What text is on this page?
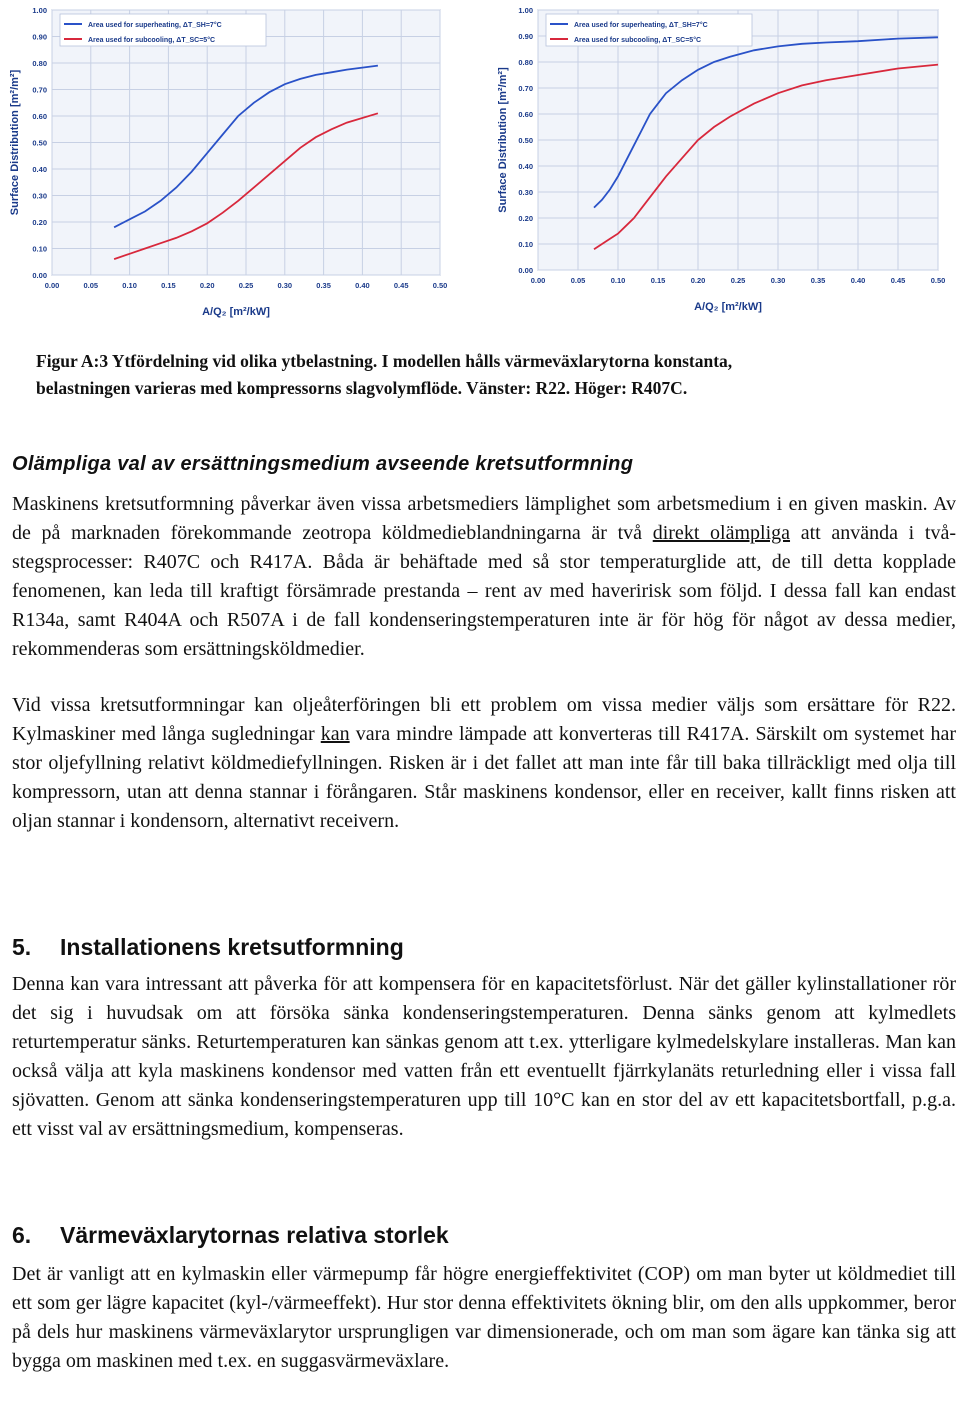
0.00
0.10
0.20
0.30
0.40
0.50
0.60
0.70
0.80
0.90
1.00
0.00	0.05	0.10	0.15	0.20	0.25	0.30	0.35	0.40	0.45	0.50
A/Q₂ [m²/kW]
Surface Distribution [m²/m²]
Area used for superheating, ΔT_SH=7°C
Area used for subcooling, ΔT_SC=5°C
0.00
0.10
0.20
0.30
0.40
0.50
0.60
0.70
0.80
0.90
1.00
0.00	0.05	0.10	0.15	0.20	0.25	0.30	0.35	0.40	0.45	0.50
A/Q₂ [m²/kW]
Surface Distribution [m²/m²]
Area used for superheating, ΔT_SH=7°C
Area used for subcooling, ΔT_SC=5°C
Figur A:3 Ytfördelning vid olika ytbelastning. I modellen hålls värmeväxlarytorna konstanta,
belastningen varieras med kompressorns slagvolymflöde. Vänster: R22. Höger: R407C.
Olämpliga val av ersättningsmedium avseende kretsutformning

Maskinens kretsutformning påverkar även vissa arbetsmediers lämplighet som arbetsmedium i en given maskin. Av de på marknaden förekommande zeotropa köldmedieblandningarna är två direkt olämpliga att använda i två-stegsprocesser: R407C och R417A. Båda är behäftade med så stor temperaturglide att, de till detta kopplade fenomenen, kan leda till kraftigt försämrade prestanda – rent av med haveririsk som följd. I dessa fall kan endast R134a, samt R404A och R507A i de fall kondenseringstemperaturen inte är för hög för något av dessa medier, rekommenderas som ersättningsköldmedier.

Vid vissa kretsutformningar kan oljeåterföringen bli ett problem om vissa medier väljs som ersättare för R22. Kylmaskiner med långa sugledningar kan vara mindre lämpade att konverteras till R417A. Särskilt om systemet har stor oljefyllning relativt köldmediefyllningen. Risken är i det fallet att man inte får till baka tillräckligt med olja till kompressorn, utan att denna stannar i förångaren. Står maskinens kondensor, eller en receiver, kallt finns risken att oljan stannar i kondensorn, alternativt receivern.

5. Installationens kretsutformning

Denna kan vara intressant att påverka för att kompensera för en kapacitetsförlust. När det gäller kylinstallationer rör det sig i huvudsak om att försöka sänka kondenseringstemperaturen. Denna sänks genom att kylmedlets returtemperatur sänks. Returtemperaturen kan sänkas genom att t.ex. ytterligare kylmedelskylare installeras. Man kan också välja att kyla maskinens kondensor med vatten från ett eventuellt fjärrkylanäts returledning eller i vissa fall sjövatten. Genom att sänka kondenseringstemperaturen upp till 10°C kan en stor del av ett kapacitetsbortfall, p.g.a. ett visst val av ersättningsmedium, kompenseras.

6. Värmeväxlarytornas relativa storlek

Det är vanligt att en kylmaskin eller värmepump får högre energieffektivitet (COP) om man byter ut köldmediet till ett som ger lägre kapacitet (kyl-/värmeeffekt). Hur stor denna effektivitets ökning blir, om den alls uppkommer, beror på dels hur maskinens värmeväxlarytor ursprungligen var dimensionerade, och om man som ägare kan tänka sig att bygga om maskinen med t.ex. en suggasvärmeväxlare.
